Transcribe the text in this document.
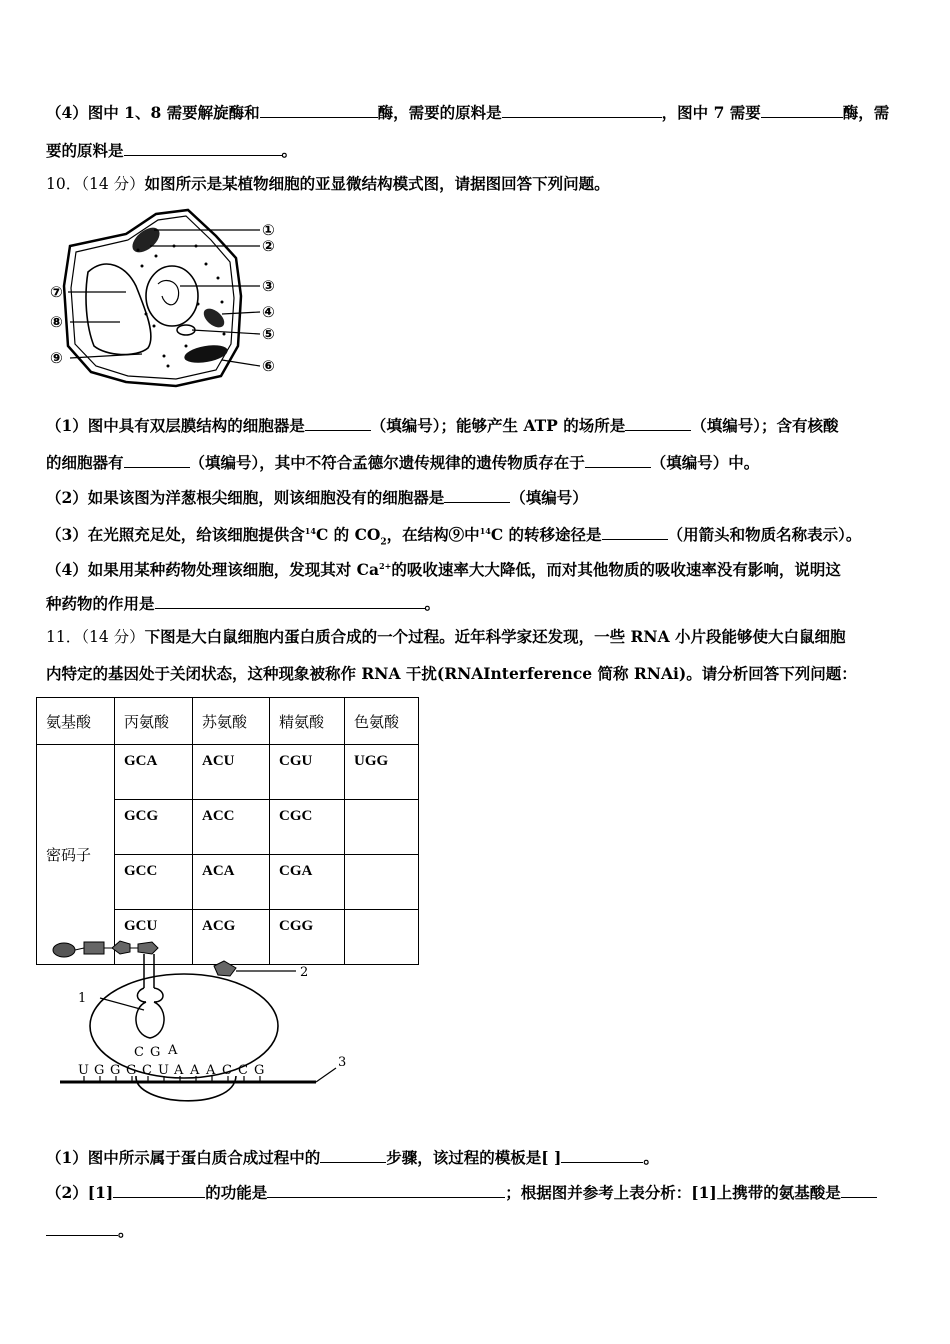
（4）图中 1、8 需要解旋酶和	酶，需要的原料是	，图中 7 需要	酶，需
要的原料是	。
10．（14 分）如图所示是某植物细胞的亚显微结构模式图，请据图回答下列问题。
①
②
③
④
⑤
⑥
⑦
⑧
⑨
（1）图中具有双层膜结构的细胞器是	（填编号）；能够产生 ATP 的场所是	（填编号）；含有核酸
的细胞器有	（填编号），其中不符合孟德尔遗传规律的遗传物质存在于	（填编号）中。
（2）如果该图为洋葱根尖细胞，则该细胞没有的细胞器是	（填编号）
（3）在光照充足处，给该细胞提供含$^{14}$C 的 $CO_2$，在结构⑨中$^{14}$C 的转移途径是	（用箭头和物质名称表示）。
（4）如果用某种药物处理该细胞，发现其对 $Ca^{2+}$的吸收速率大大降低，而对其他物质的吸收速率没有影响，说明这
种药物的作用是	。
11．（14 分）下图是大白鼠细胞内蛋白质合成的一个过程。近年科学家还发现，一些 RNA 小片段能够使大白鼠细胞
内特定的基因处于关闭状态，这种现象被称作 RNA 干扰(RNAInterference 简称 RNAi)。请分析回答下列问题：
氨基酸	丙氨酸	苏氨酸	精氨酸	色氨酸
密码子	GCA	ACU	CGU	UGG
	GCG	ACC	CGC	
	GCC	ACA	CGA	
	GCU	ACG	CGG	
C G A
U G G G C U A A A C C G
1
2
3
（1）图中所示属于蛋白质合成过程中的	步骤，该过程的模板是[ ]	。
（2）[1]	的功能是	；根据图并参考上表分析：[1]上携带的氨基酸是
。
